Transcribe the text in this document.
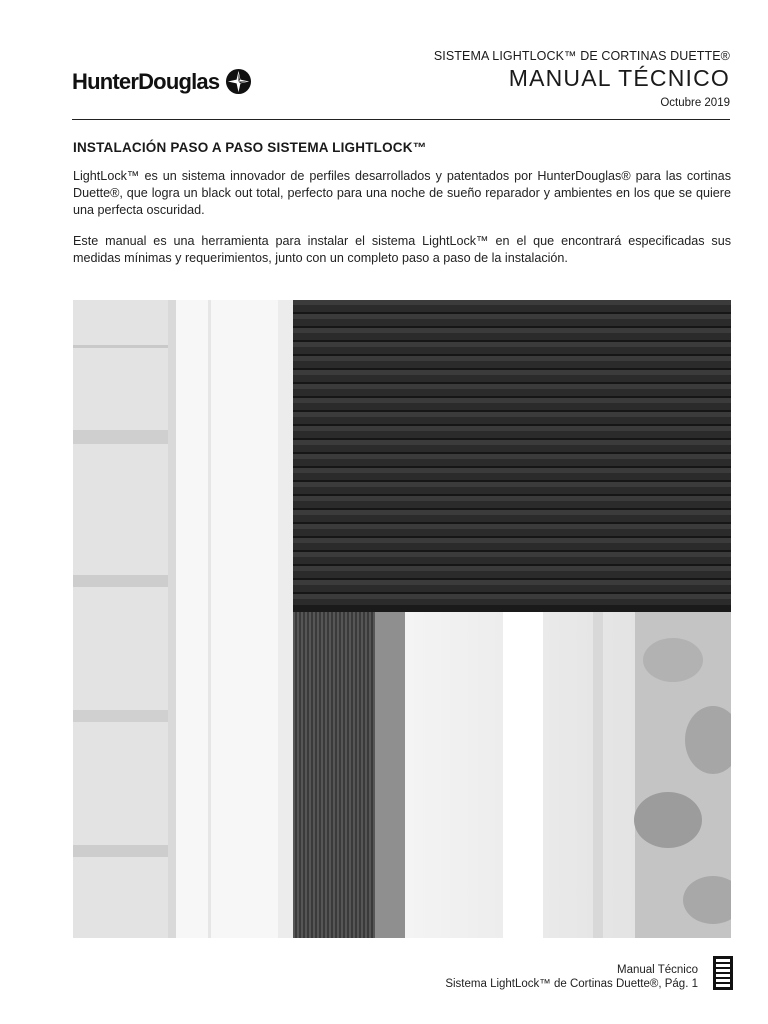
HunterDouglas
SISTEMA LIGHTLOCK™ DE CORTINAS DUETTE®
MANUAL TÉCNICO
Octubre 2019
INSTALACIÓN PASO A PASO SISTEMA LIGHTLOCK™

LightLock™ es un sistema innovador de perfiles desarrollados y patentados por HunterDouglas® para las cortinas Duette®, que logra un black out total, perfecto para una noche de sueño reparador y ambientes en los que se quiere una perfecta oscuridad.

Este manual es una herramienta para instalar el sistema LightLock™ en el que encontrará especificadas sus medidas mínimas y requerimientos, junto con un completo paso a paso de la instalación.

Manual Técnico
Sistema LightLock™ de Cortinas Duette®, Pág. 1
